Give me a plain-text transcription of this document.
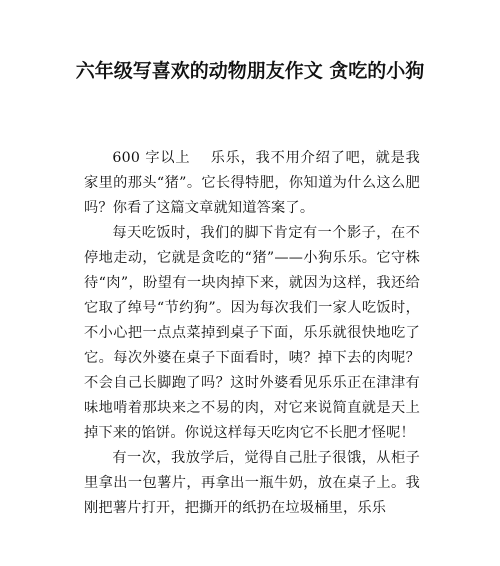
六年级写喜欢的动物朋友作文 贪吃的小狗

600 字以上　 乐乐，我不用介绍了吧，就是我家里的那头“猪”。它长得特肥，你知道为什么这么肥吗？你看了这篇文章就知道答案了。

每天吃饭时，我们的脚下肯定有一个影子，在不停地走动，它就是贪吃的“猪”——小狗乐乐。它守株待“肉”，盼望有一块肉掉下来，就因为这样，我还给它取了绰号“节约狗”。因为每次我们一家人吃饭时，不小心把一点点菜掉到桌子下面，乐乐就很快地吃了它。每次外婆在桌子下面看时，咦？掉下去的肉呢？不会自己长脚跑了吗？这时外婆看见乐乐正在津津有味地啃着那块来之不易的肉，对它来说简直就是天上掉下来的馅饼。你说这样每天吃肉它不长肥才怪呢！

有一次，我放学后，觉得自己肚子很饿，从柜子里拿出一包薯片，再拿出一瓶牛奶，放在桌子上。我刚把薯片打开，把撕开的纸扔在垃圾桶里，乐乐
